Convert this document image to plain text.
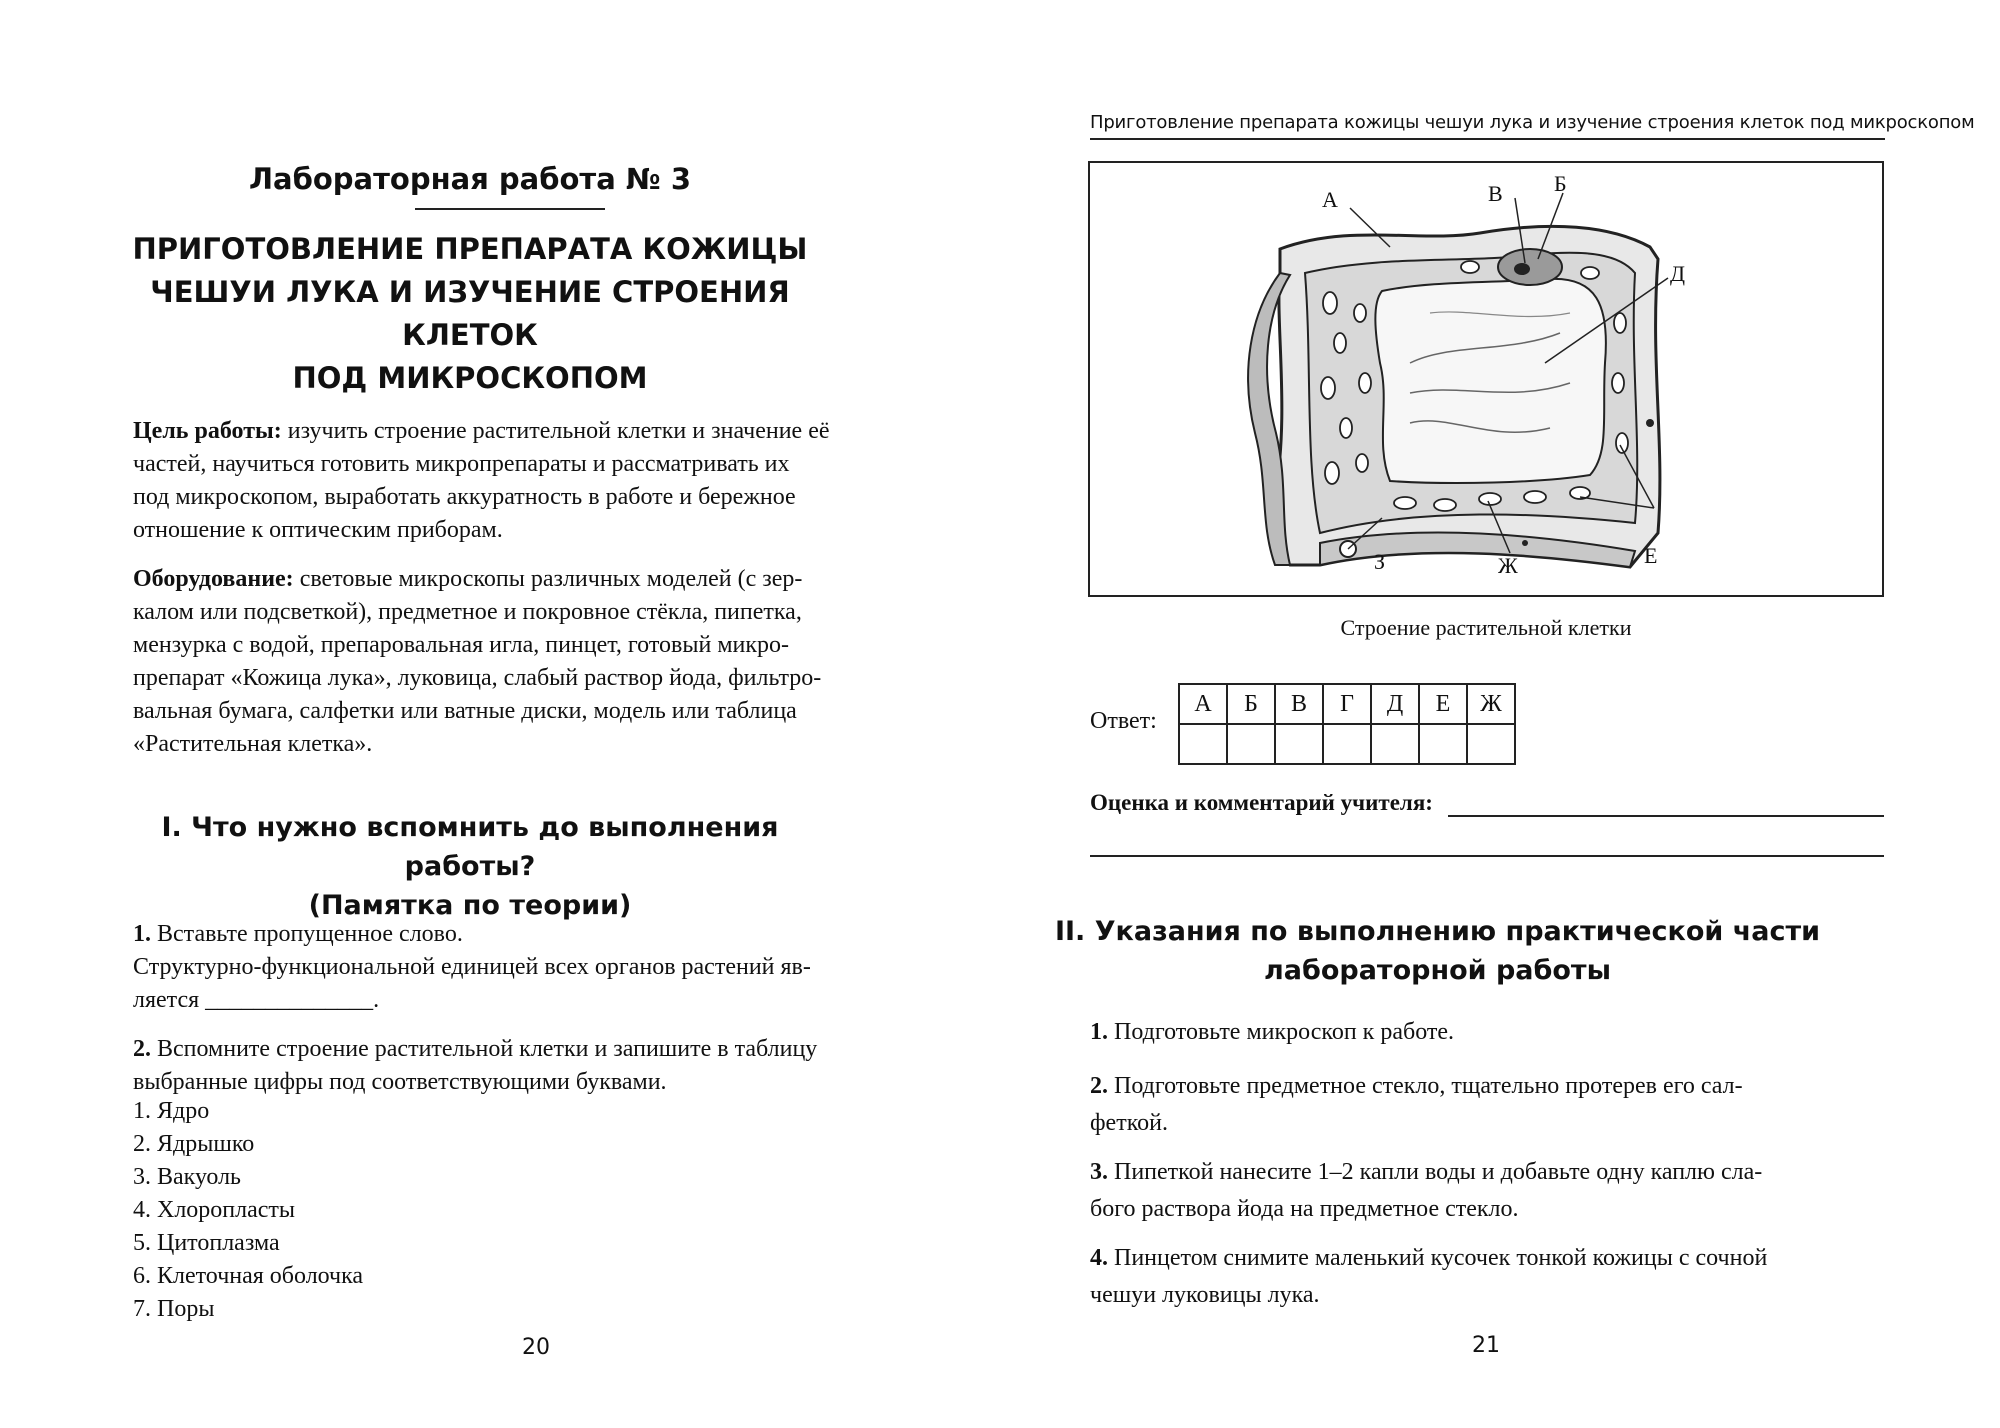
Лабораторная работа № 3
ПРИГОТОВЛЕНИЕ ПРЕПАРАТА КОЖИЦЫ
ЧЕШУИ ЛУКА И ИЗУЧЕНИЕ СТРОЕНИЯ КЛЕТОК
ПОД МИКРОСКОПОМ
Цель работы: изучить строение растительной клетки и значение её
частей, научиться готовить микропрепараты и рассматривать их
под микроскопом, выработать аккуратность в работе и бережное
отношение к оптическим приборам.
Оборудование: световые микроскопы различных моделей (с зер-
калом или подсветкой), предметное и покровное стёкла, пипетка,
мензурка с водой, препаровальная игла, пинцет, готовый микро-
препарат «Кожица лука», луковица, слабый раствор йода, фильтро-
вальная бумага, салфетки или ватные диски, модель или таблица
«Растительная клетка».
I. Что нужно вспомнить до выполнения работы?
(Памятка по теории)
1. Вставьте пропущенное слово.
Структурно-функциональной единицей всех органов растений яв-
ляется ______________.
2. Вспомните строение растительной клетки и запишите в таблицу
выбранные цифры под соответствующими буквами.
1. Ядро
2. Ядрышко
3. Вакуоль
4. Хлоропласты
5. Цитоплазма
6. Клеточная оболочка
7. Поры
20
Приготовление препарата кожицы чешуи лука и изучение строения клеток под микроскопом
А	В Б
Д
З	Ж	Е
Строение растительной клетки
Ответ:
А	Б	В	Г	Д	Е	Ж

Оценка и комментарий учителя:
II. Указания по выполнению практической части
лабораторной работы
1. Подготовьте микроскоп к работе.
2. Подготовьте предметное стекло, тщательно протерев его сал-
феткой.
3. Пипеткой нанесите 1–2 капли воды и добавьте одну каплю сла-
бого раствора йода на предметное стекло.
4. Пинцетом снимите маленький кусочек тонкой кожицы с сочной
чешуи луковицы лука.
21
